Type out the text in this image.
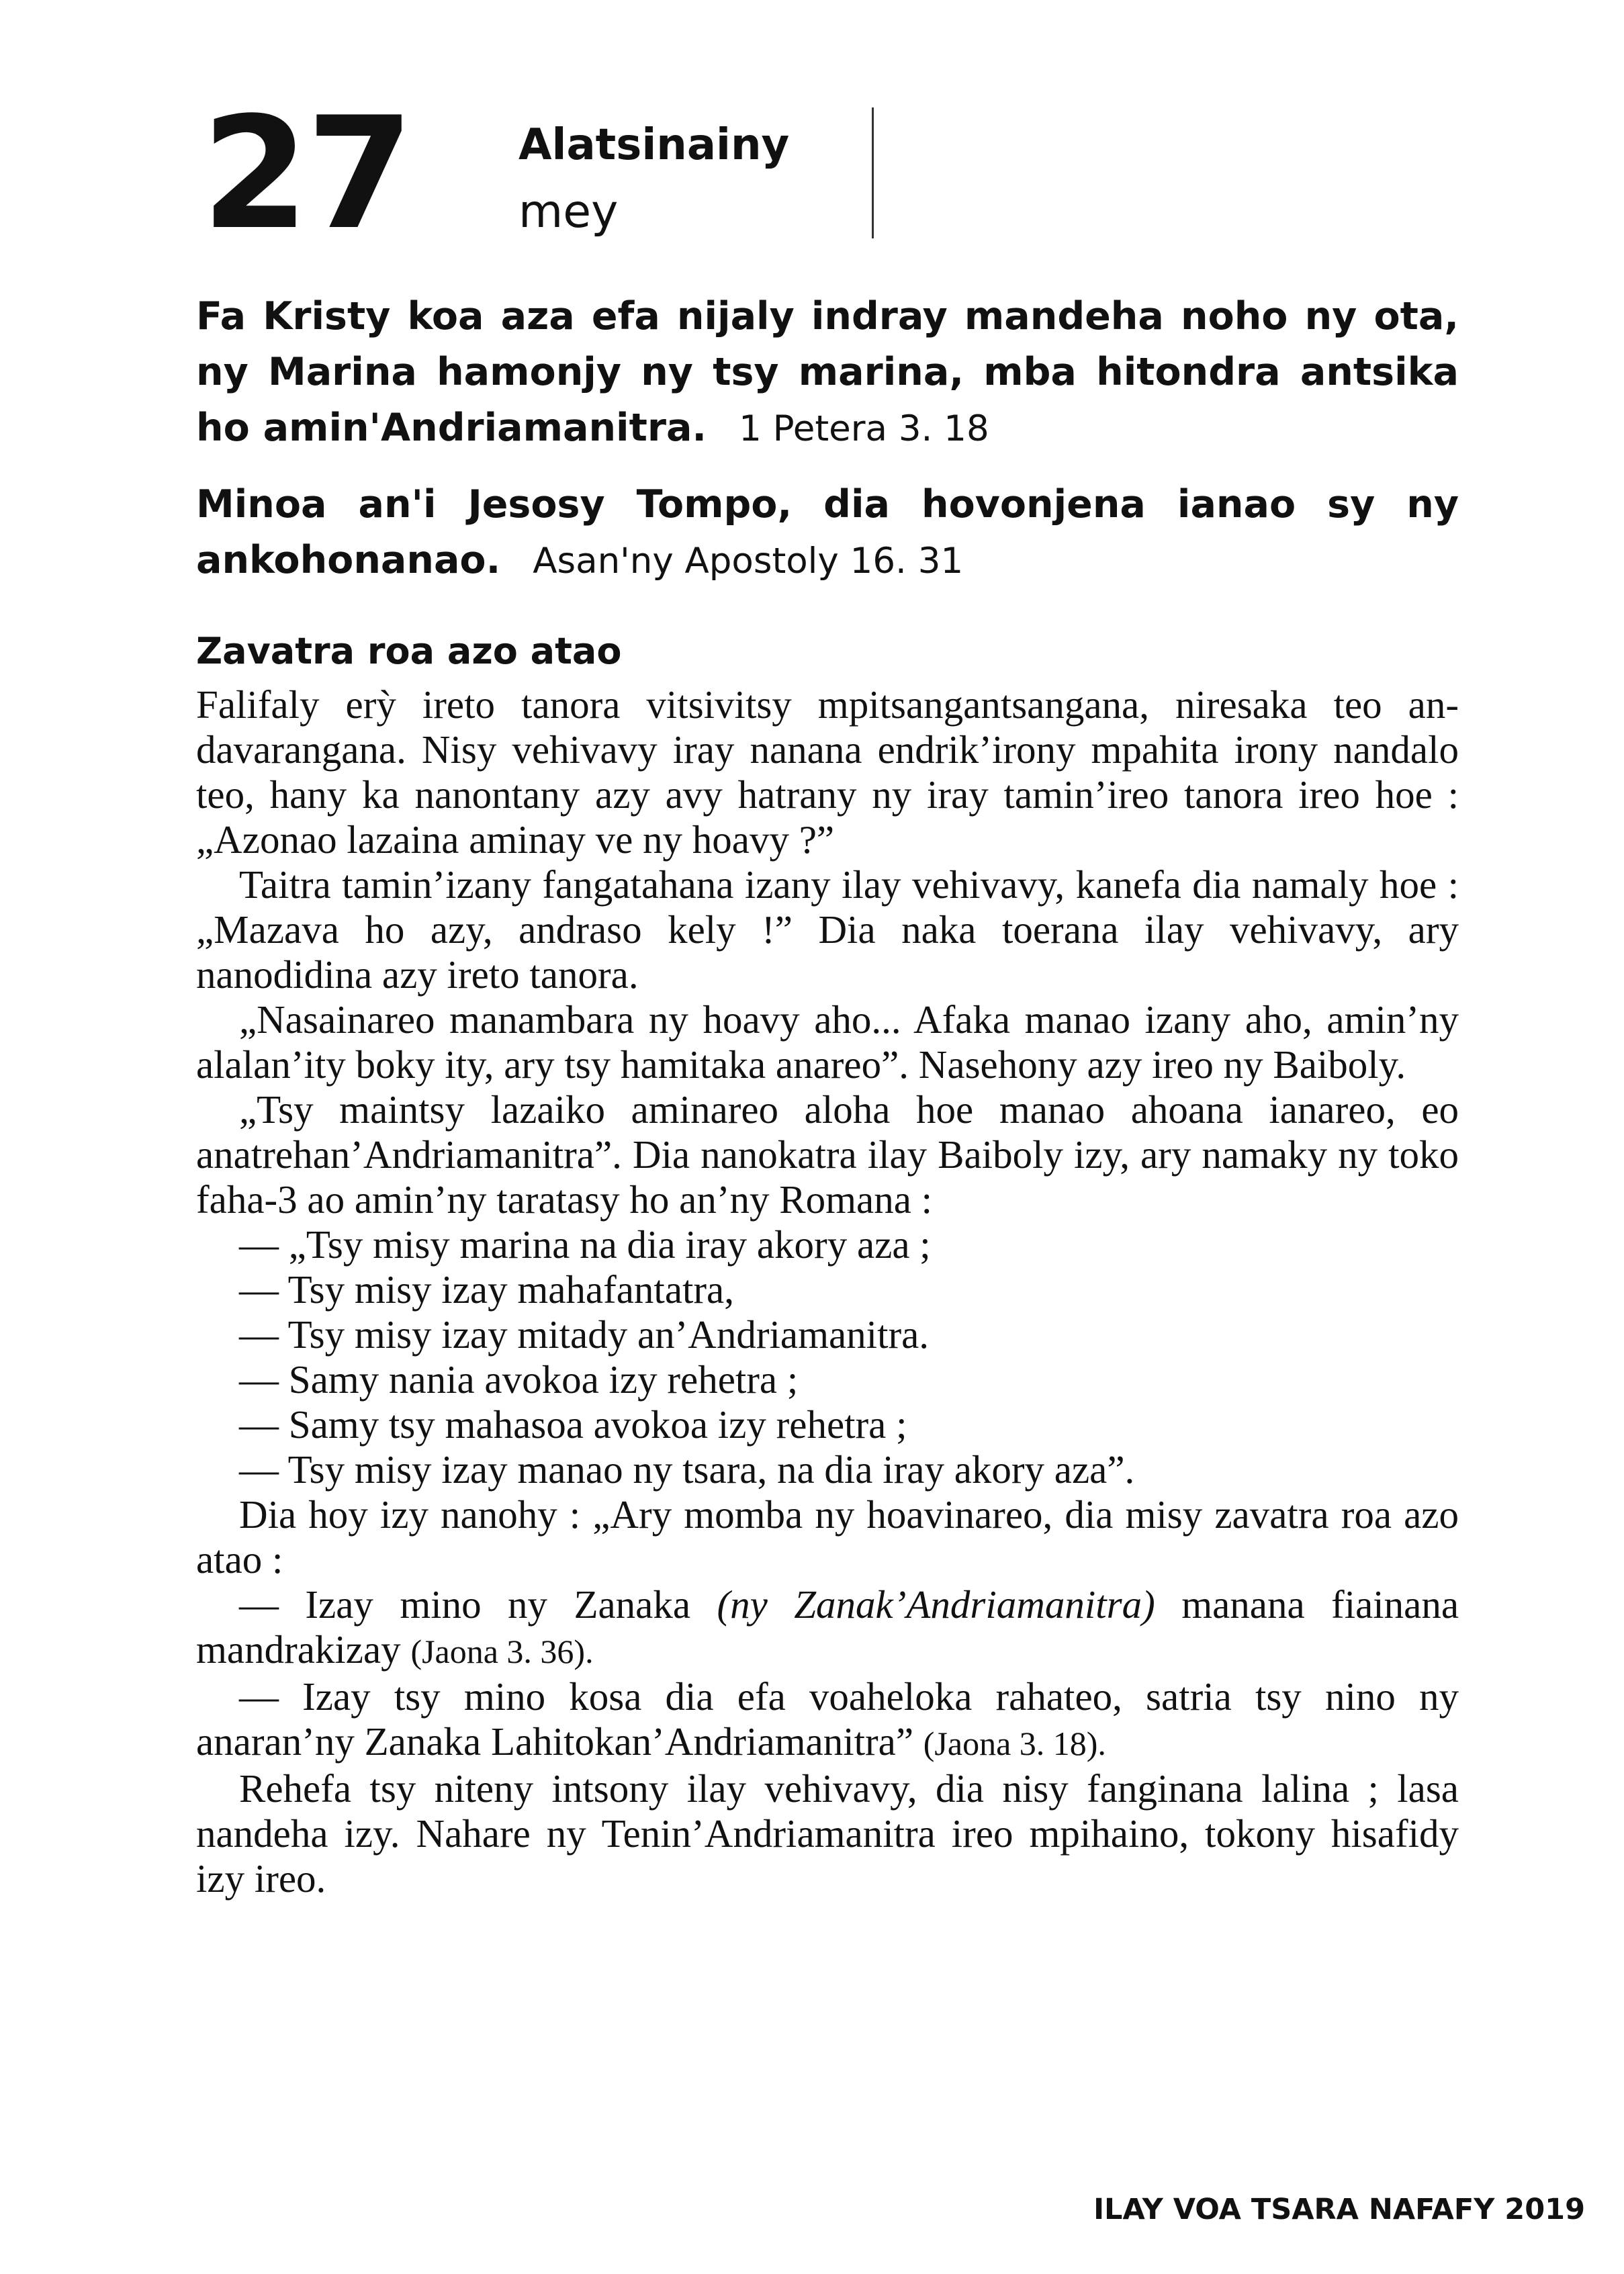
27 Alatsinainy
mey
Fa Kristy koa aza efa nijaly indray mandeha noho ny ota, ny Marina hamonjy ny tsy marina, mba hitondra antsika ho amin'Andriamanitra. 1 Petera 3. 18
Minoa an'i Jesosy Tompo, dia hovonjena ianao sy ny ankohonanao. Asan'ny Apostoly 16. 31
Zavatra roa azo atao

Falifaly erỳ ireto tanora vitsivitsy mpitsangantsangana, niresaka teo an-davarangana. Nisy vehivavy iray nanana endrik’irony mpahita irony nandalo teo, hany ka nanontany azy avy hatrany ny iray tamin’ireo tanora ireo hoe : „Azonao lazaina aminay ve ny hoavy ?”

Taitra tamin’izany fangatahana izany ilay vehivavy, kanefa dia namaly hoe : „Mazava ho azy, andraso kely !” Dia naka toerana ilay vehivavy, ary nanodidina azy ireto tanora.

„Nasainareo manambara ny hoavy aho... Afaka manao izany aho, amin’ny alalan’ity boky ity, ary tsy hamitaka anareo”. Nasehony azy ireo ny Baiboly.

„Tsy maintsy lazaiko aminareo aloha hoe manao ahoana ianareo, eo anatrehan’Andriamanitra”. Dia nanokatra ilay Baiboly izy, ary namaky ny toko faha-3 ao amin’ny taratasy ho an’ny Romana :

— „Tsy misy marina na dia iray akory aza ;

— Tsy misy izay mahafantatra,

— Tsy misy izay mitady an’Andriamanitra.

— Samy nania avokoa izy rehetra ;

— Samy tsy mahasoa avokoa izy rehetra ;

— Tsy misy izay manao ny tsara, na dia iray akory aza”.

Dia hoy izy nanohy : „Ary momba ny hoavinareo, dia misy zavatra roa azo atao :

— Izay mino ny Zanaka (ny Zanak’Andriamanitra) manana fiainana mandrakizay (Jaona 3. 36).

— Izay tsy mino kosa dia efa voaheloka rahateo, satria tsy nino ny anaran’ny Zanaka Lahitokan’Andriamanitra” (Jaona 3. 18).

Rehefa tsy niteny intsony ilay vehivavy, dia nisy fanginana lalina ; lasa nandeha izy. Nahare ny Tenin’Andriamanitra ireo mpihaino, tokony hisafidy izy ireo.

ILAY VOA TSARA NAFAFY 2019
